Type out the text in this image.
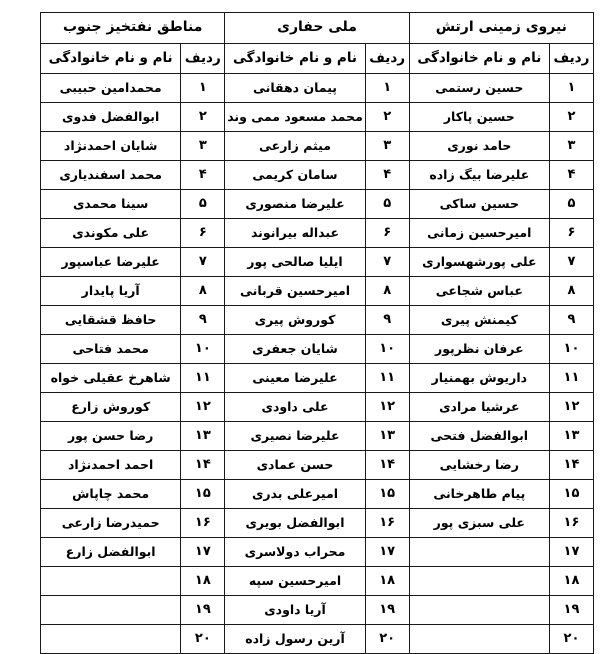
نیروی زمینی ارتش		ملی حفاری		مناطق نفتخیز جنوب	
ردیف	نام و نام خانوادگی	ردیف	نام و نام خانوادگی	ردیف	نام و نام خانوادگی
۱	حسین رستمی	۱	پیمان دهقانی	۱	محمدامین حبیبی
۲	حسین پاکار	۲	محمد مسعود ممی وند	۲	ابوالفضل فدوی
۳	حامد نوری	۳	میثم زارعی	۳	شایان احمدنژاد
۴	علیرضا بیگ زاده	۴	سامان کریمی	۴	محمد اسفندیاری
۵	حسین ساکی	۵	علیرضا منصوری	۵	سینا محمدی
۶	امیرحسین زمانی	۶	عبداله بیرانوند	۶	علی مکوندی
۷	علی پورشهسواری	۷	ایلیا صالحی پور	۷	علیرضا عباسپور
۸	عباس شجاعی	۸	امیرحسین قربانی	۸	آریا پایدار
۹	کیمنش پیری	۹	کوروش پیری	۹	حافظ قشقایی
۱۰	عرفان نظرپور	۱۰	شایان جعفری	۱۰	محمد فتاحی
۱۱	داریوش بهمنیار	۱۱	علیرضا معینی	۱۱	شاهرخ عقیلی خواه
۱۲	عرشیا مرادی	۱۲	علی داودی	۱۲	کوروش زارع
۱۳	ابوالفضل فتحی	۱۳	علیرضا نصیری	۱۳	رضا حسن پور
۱۴	رضا رخشایی	۱۴	حسن عمادی	۱۴	احمد احمدنژاد
۱۵	پیام طاهرخانی	۱۵	امیرعلی بدری	۱۵	محمد چاپاش
۱۶	علی سبزی پور	۱۶	ابوالفضل بویری	۱۶	حمیدرضا زارعی
۱۷		۱۷	محراب دولاسری	۱۷	ابوالفضل زارع
۱۸		۱۸	امیرحسین سپه	۱۸	
۱۹		۱۹	آریا داودی	۱۹	
۲۰		۲۰	آرین رسول زاده	۲۰	
